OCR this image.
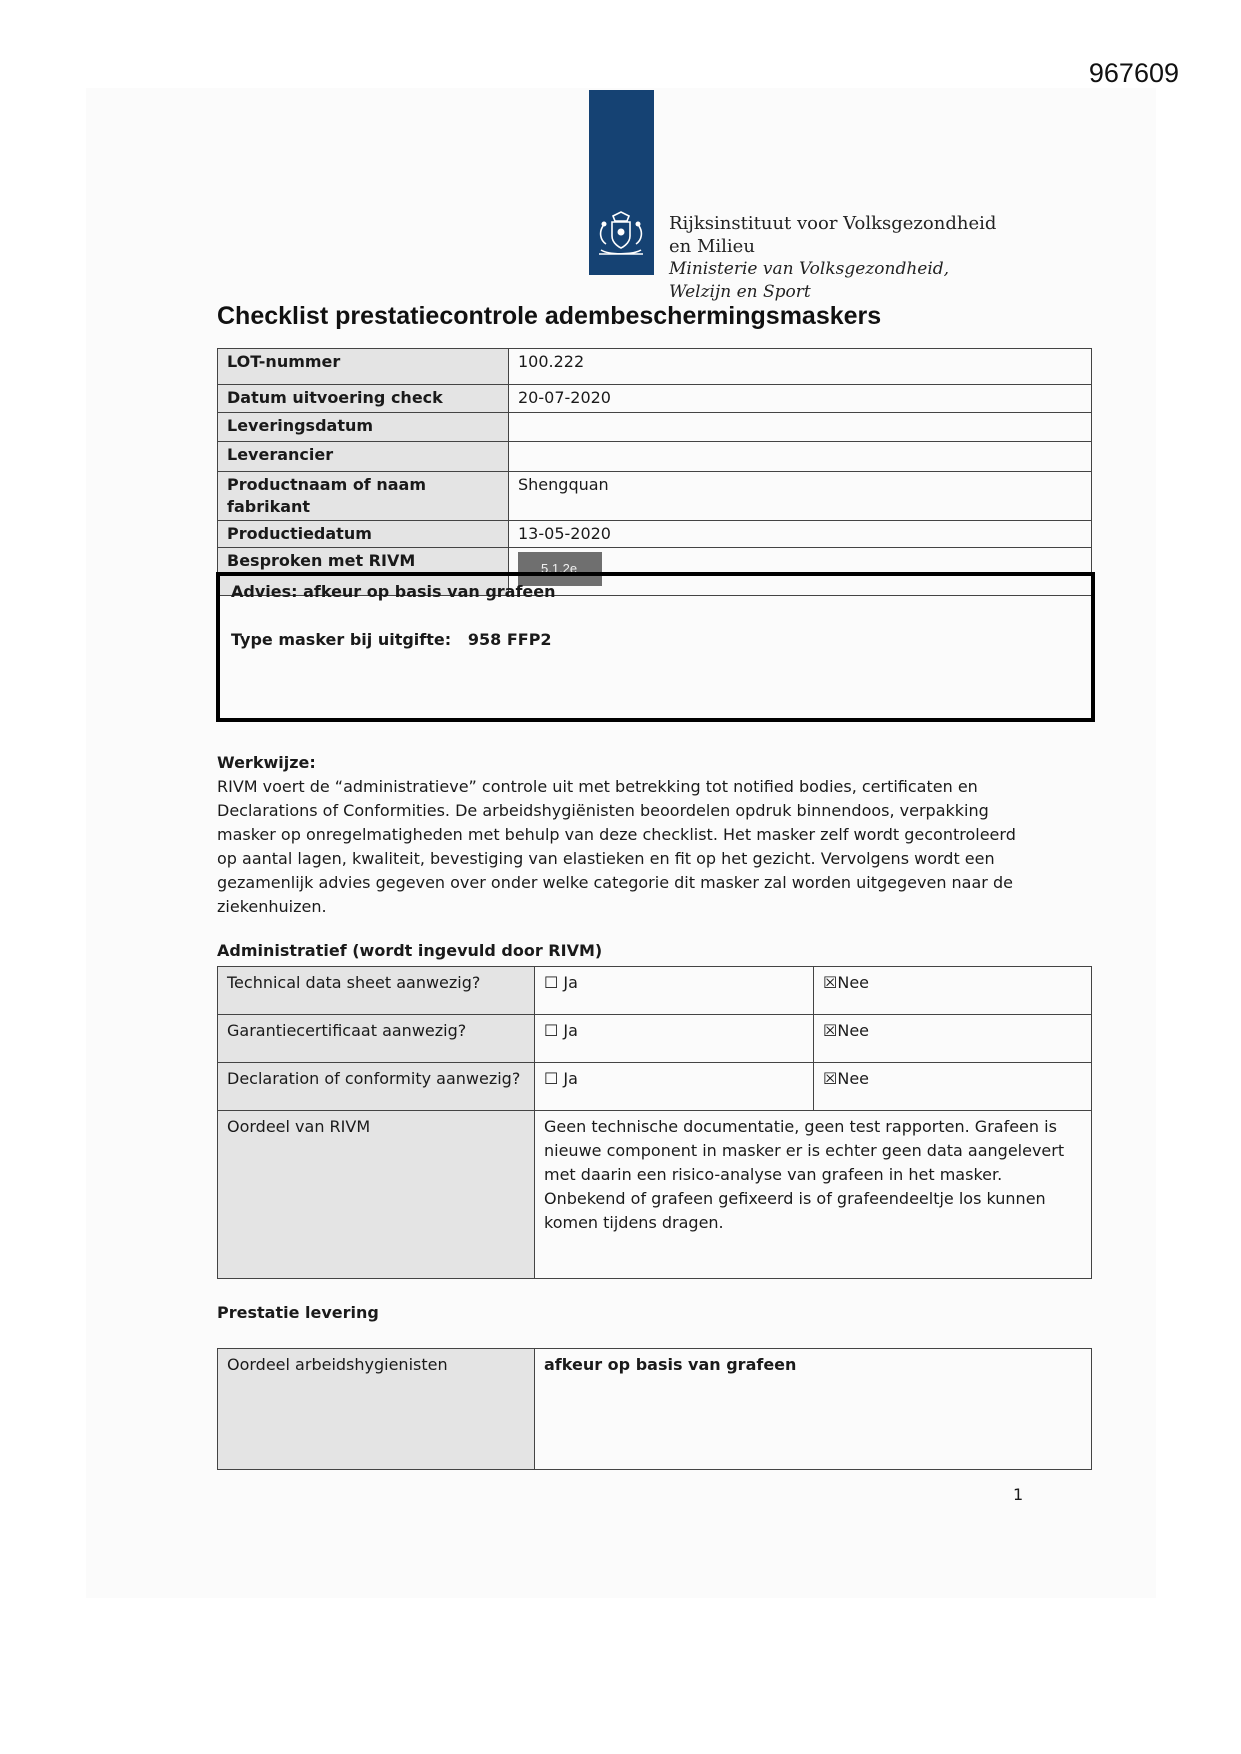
967609
Rijksinstituut voor Volksgezondheid
en Milieu
Ministerie van Volksgezondheid,
Welzijn en Sport
Checklist prestatiecontrole adembeschermingsmaskers
LOT-nummer	100.222
Datum uitvoering check	20-07-2020
Leveringsdatum	
Leverancier	
Productnaam of naam fabrikant	Shengquan
Productiedatum	13-05-2020
Besproken met RIVM	5.1.2e
Advies: afkeur op basis van grafeen
Type masker bij uitgifte:   958 FFP2
Werkwijze:

RIVM voert de “administratieve” controle uit met betrekking tot notified bodies, certificaten en Declarations of Conformities. De arbeidshygiënisten beoordelen opdruk binnendoos, verpakking masker op onregelmatigheden met behulp van deze checklist. Het masker zelf wordt gecontroleerd op aantal lagen, kwaliteit, bevestiging van elastieken en fit op het gezicht. Vervolgens wordt een gezamenlijk advies gegeven over onder welke categorie dit masker zal worden uitgegeven naar de ziekenhuizen.

Administratief (wordt ingevuld door RIVM)
Technical data sheet aanwezig?	☐ Ja	☒Nee
Garantiecertificaat aanwezig?	☐ Ja	☒Nee
Declaration of conformity aanwezig?	☐ Ja	☒Nee
Oordeel van RIVM	Geen technische documentatie, geen test rapporten. Grafeen is nieuwe component in masker er is echter geen data aangelevert met daarin een risico-analyse van grafeen in het masker. Onbekend of grafeen gefixeerd is of grafeendeeltje los kunnen komen tijdens dragen.	
Prestatie levering
Oordeel arbeidshygienisten	afkeur op basis van grafeen
1
